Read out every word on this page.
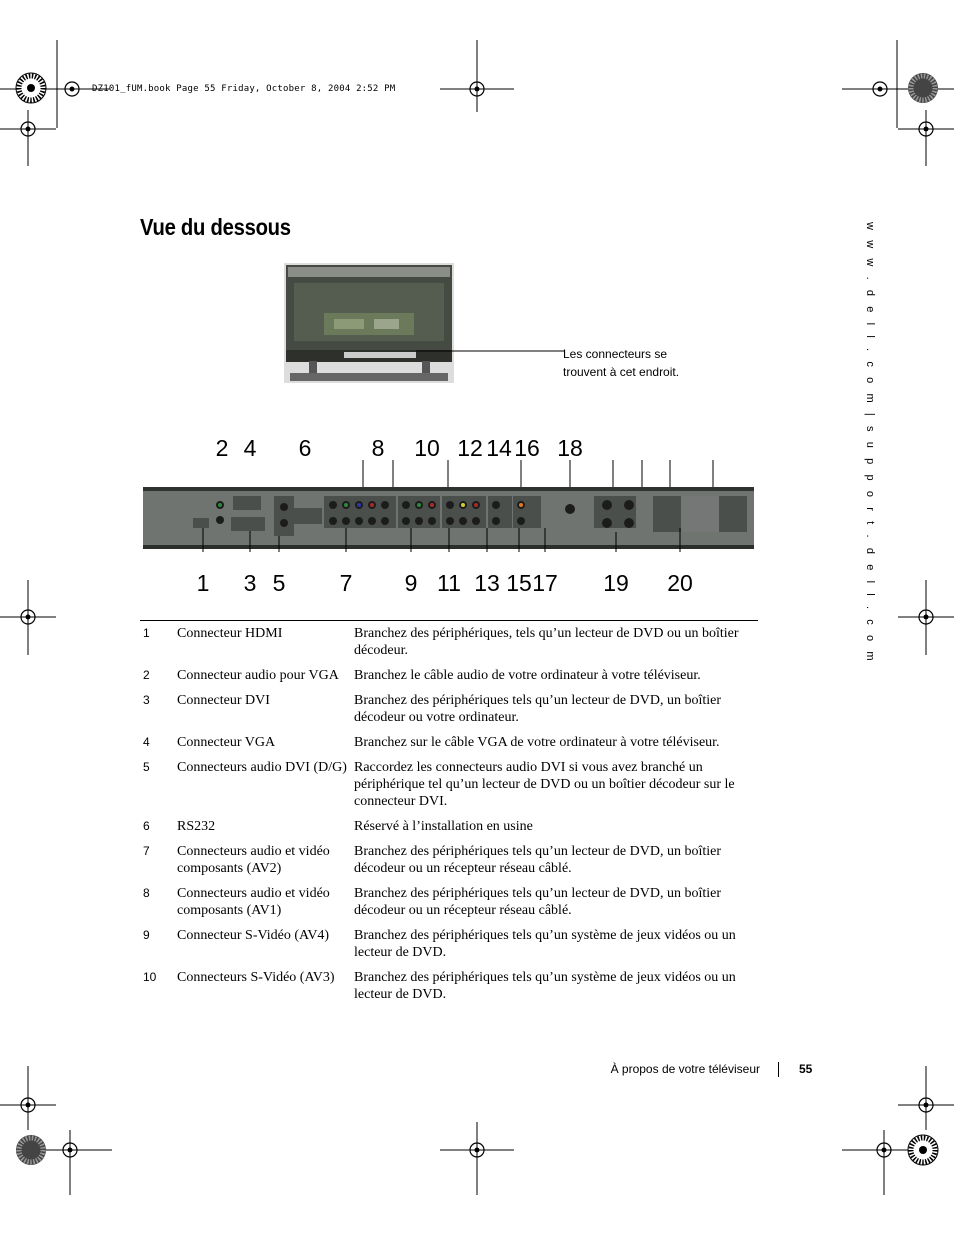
DZ101_fUM.book Page 55 Friday, October 8, 2004 2:52 PM
w w w . d e l l . c o m | s u p p o r t . d e l l . c o m
Vue du dessous
Les connecteurs se
trouvent à cet endroit.
2 4 6	8 10 12 14 16 18
1 3 5 7 9 11 13 15 17 19 20
1	Connecteur HDMI	Branchez des périphériques, tels qu’un lecteur de DVD ou un boîtier décodeur.
2	Connecteur audio pour VGA	Branchez le câble audio de votre ordinateur à votre téléviseur.
3	Connecteur DVI	Branchez des périphériques tels qu’un lecteur de DVD, un boîtier décodeur ou votre ordinateur.
4	Connecteur VGA	Branchez sur le câble VGA de votre ordinateur à votre téléviseur.
5	Connecteurs audio DVI (D/G)	Raccordez les connecteurs audio DVI si vous avez branché un périphérique tel qu’un lecteur de DVD ou un boîtier décodeur sur le connecteur DVI.
6	RS232	Réservé à l’installation en usine
7	Connecteurs audio et vidéo composants (AV2)	Branchez des périphériques tels qu’un lecteur de DVD, un boîtier décodeur ou un récepteur réseau câblé.
8	Connecteurs audio et vidéo composants (AV1)	Branchez des périphériques tels qu’un lecteur de DVD, un boîtier décodeur ou un récepteur réseau câblé.
9	Connecteur S-Vidéo (AV4)	Branchez des périphériques tels qu’un système de jeux vidéos ou un lecteur de DVD.
10	Connecteurs S-Vidéo (AV3)	Branchez des périphériques tels qu’un système de jeux vidéos ou un lecteur de DVD.
À propos de votre téléviseur	55
